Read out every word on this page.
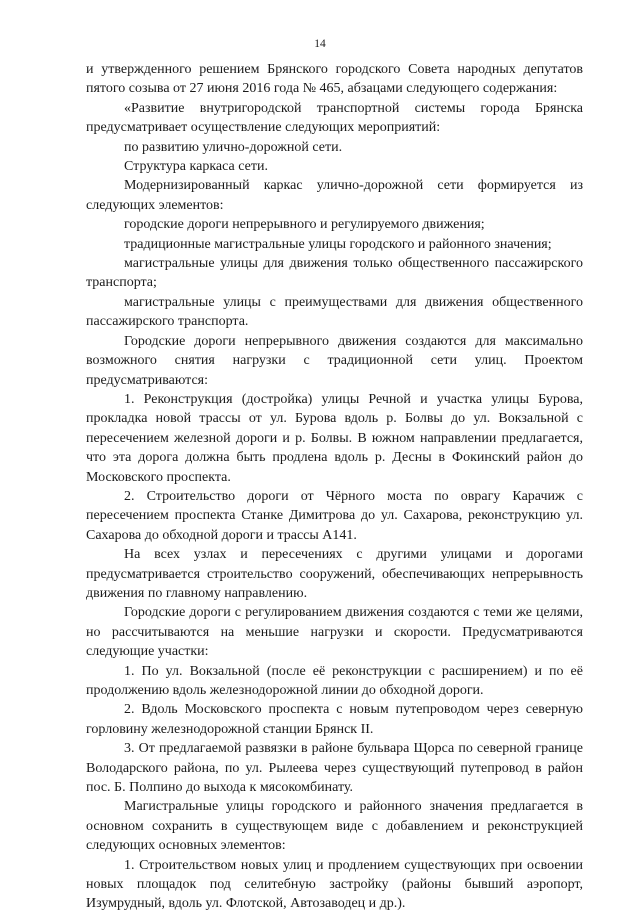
14

и утвержденного решением Брянского городского Совета народных депутатов пятого созыва от 27 июня 2016 года № 465, абзацами следующего содержания:

«Развитие внутригородской транспортной системы города Брянска предусматривает осуществление следующих мероприятий:

по развитию улично-дорожной сети.

Структура каркаса сети.

Модернизированный каркас улично-дорожной сети формируется из следующих элементов:

городские дороги непрерывного и регулируемого движения;

традиционные магистральные улицы городского и районного значения;

магистральные улицы для движения только общественного пассажирского транспорта;

магистральные улицы с преимуществами для движения общественного пассажирского транспорта.

Городские дороги непрерывного движения создаются для максимально возможного снятия нагрузки с традиционной сети улиц. Проектом предусматриваются:

1. Реконструкция (достройка) улицы Речной и участка улицы Бурова, прокладка новой трассы от ул. Бурова вдоль р. Болвы до ул. Вокзальной с пересечением железной дороги и р. Болвы. В южном направлении предлагается, что эта дорога должна быть продлена вдоль р. Десны в Фокинский район до Московского проспекта.

2. Строительство дороги от Чёрного моста по оврагу Карачиж с пересечением проспекта Станке Димитрова до ул. Сахарова, реконструкцию ул. Сахарова до обходной дороги и трассы А141.

На всех узлах и пересечениях с другими улицами и дорогами предусматривается строительство сооружений, обеспечивающих непрерывность движения по главному направлению.

Городские дороги с регулированием движения создаются с теми же целями, но рассчитываются на меньшие нагрузки и скорости. Предусматриваются следующие участки:

1. По ул. Вокзальной (после её реконструкции с расширением) и по её продолжению вдоль железнодорожной линии до обходной дороги.

2. Вдоль Московского проспекта с новым путепроводом через северную горловину железнодорожной станции Брянск II.

3. От предлагаемой развязки в районе бульвара Щорса по северной границе Володарского района, по ул. Рылеева через существующий путепровод в район пос. Б. Полпино до выхода к мясокомбинату.

Магистральные улицы городского и районного значения предлагается в основном сохранить в существующем виде с добавлением и реконструкцией следующих основных элементов:

1. Строительством новых улиц и продлением существующих при освоении новых площадок под селитебную застройку (районы бывший аэропорт, Изумрудный, вдоль ул. Флотской, Автозаводец и др.).
